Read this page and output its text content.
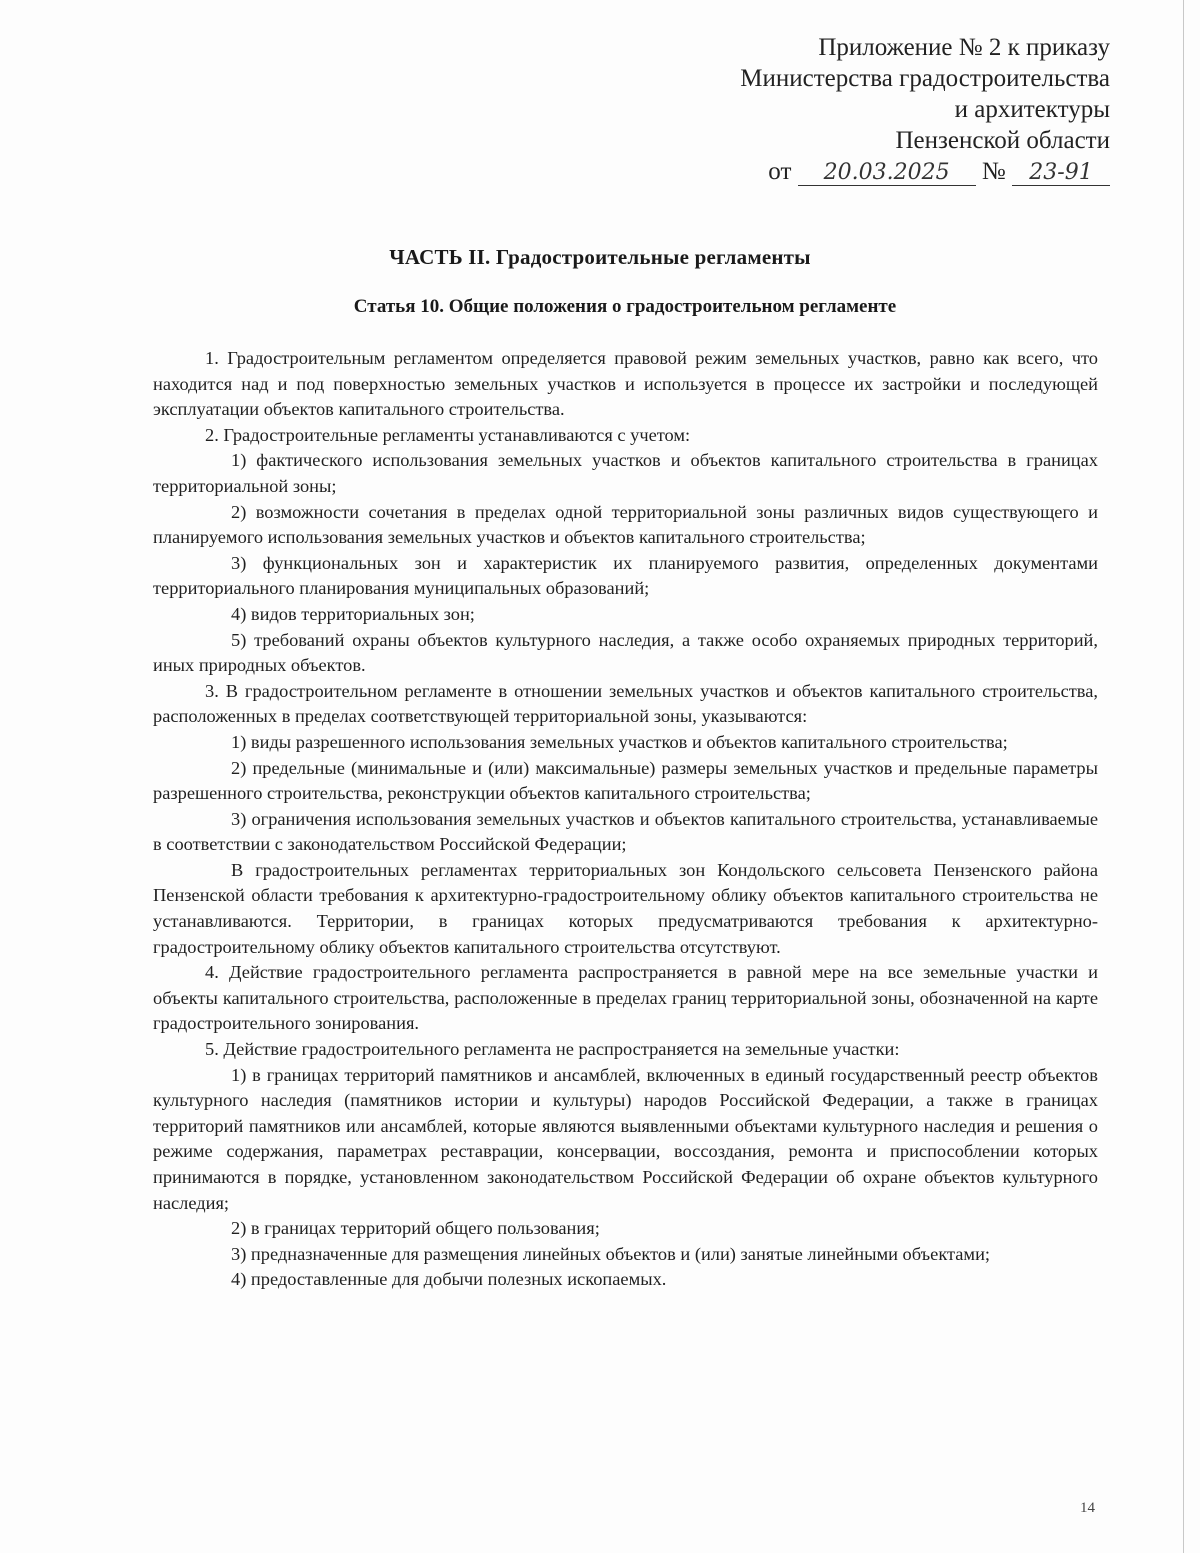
Приложение № 2 к приказу
Министерства градостроительства
и архитектуры
Пензенской области
от 20.03.2025 № 23-91
ЧАСТЬ II. Градостроительные регламенты
Статья 10. Общие положения о градостроительном регламенте

1. Градостроительным регламентом определяется правовой режим земельных участков, равно как всего, что находится над и под поверхностью земельных участков и используется в процессе их застройки и последующей эксплуатации объектов капитального строительства.

2. Градостроительные регламенты устанавливаются с учетом:

1) фактического использования земельных участков и объектов капитального строительства в границах территориальной зоны;

2) возможности сочетания в пределах одной территориальной зоны различных видов существующего и планируемого использования земельных участков и объектов капитального строительства;

3) функциональных зон и характеристик их планируемого развития, определенных документами территориального планирования муниципальных образований;

4) видов территориальных зон;

5) требований охраны объектов культурного наследия, а также особо охраняемых природных территорий, иных природных объектов.

3. В градостроительном регламенте в отношении земельных участков и объектов капитального строительства, расположенных в пределах соответствующей территориальной зоны, указываются:

1) виды разрешенного использования земельных участков и объектов капитального строительства;

2) предельные (минимальные и (или) максимальные) размеры земельных участков и предельные параметры разрешенного строительства, реконструкции объектов капитального строительства;

3) ограничения использования земельных участков и объектов капитального строительства, устанавливаемые в соответствии с законодательством Российской Федерации;

В градостроительных регламентах территориальных зон Кондольского сельсовета Пензенского района Пензенской области требования к архитектурно-градостроительному облику объектов капитального строительства не устанавливаются. Территории, в границах которых предусматриваются требования к архитектурно-градостроительному облику объектов капитального строительства отсутствуют.

4. Действие градостроительного регламента распространяется в равной мере на все земельные участки и объекты капитального строительства, расположенные в пределах границ территориальной зоны, обозначенной на карте градостроительного зонирования.

5. Действие градостроительного регламента не распространяется на земельные участки:

1) в границах территорий памятников и ансамблей, включенных в единый государственный реестр объектов культурного наследия (памятников истории и культуры) народов Российской Федерации, а также в границах территорий памятников или ансамблей, которые являются выявленными объектами культурного наследия и решения о режиме содержания, параметрах реставрации, консервации, воссоздания, ремонта и приспособлении которых принимаются в порядке, установленном законодательством Российской Федерации об охране объектов культурного наследия;

2) в границах территорий общего пользования;

3) предназначенные для размещения линейных объектов и (или) занятые линейными объектами;

4) предоставленные для добычи полезных ископаемых.

14
